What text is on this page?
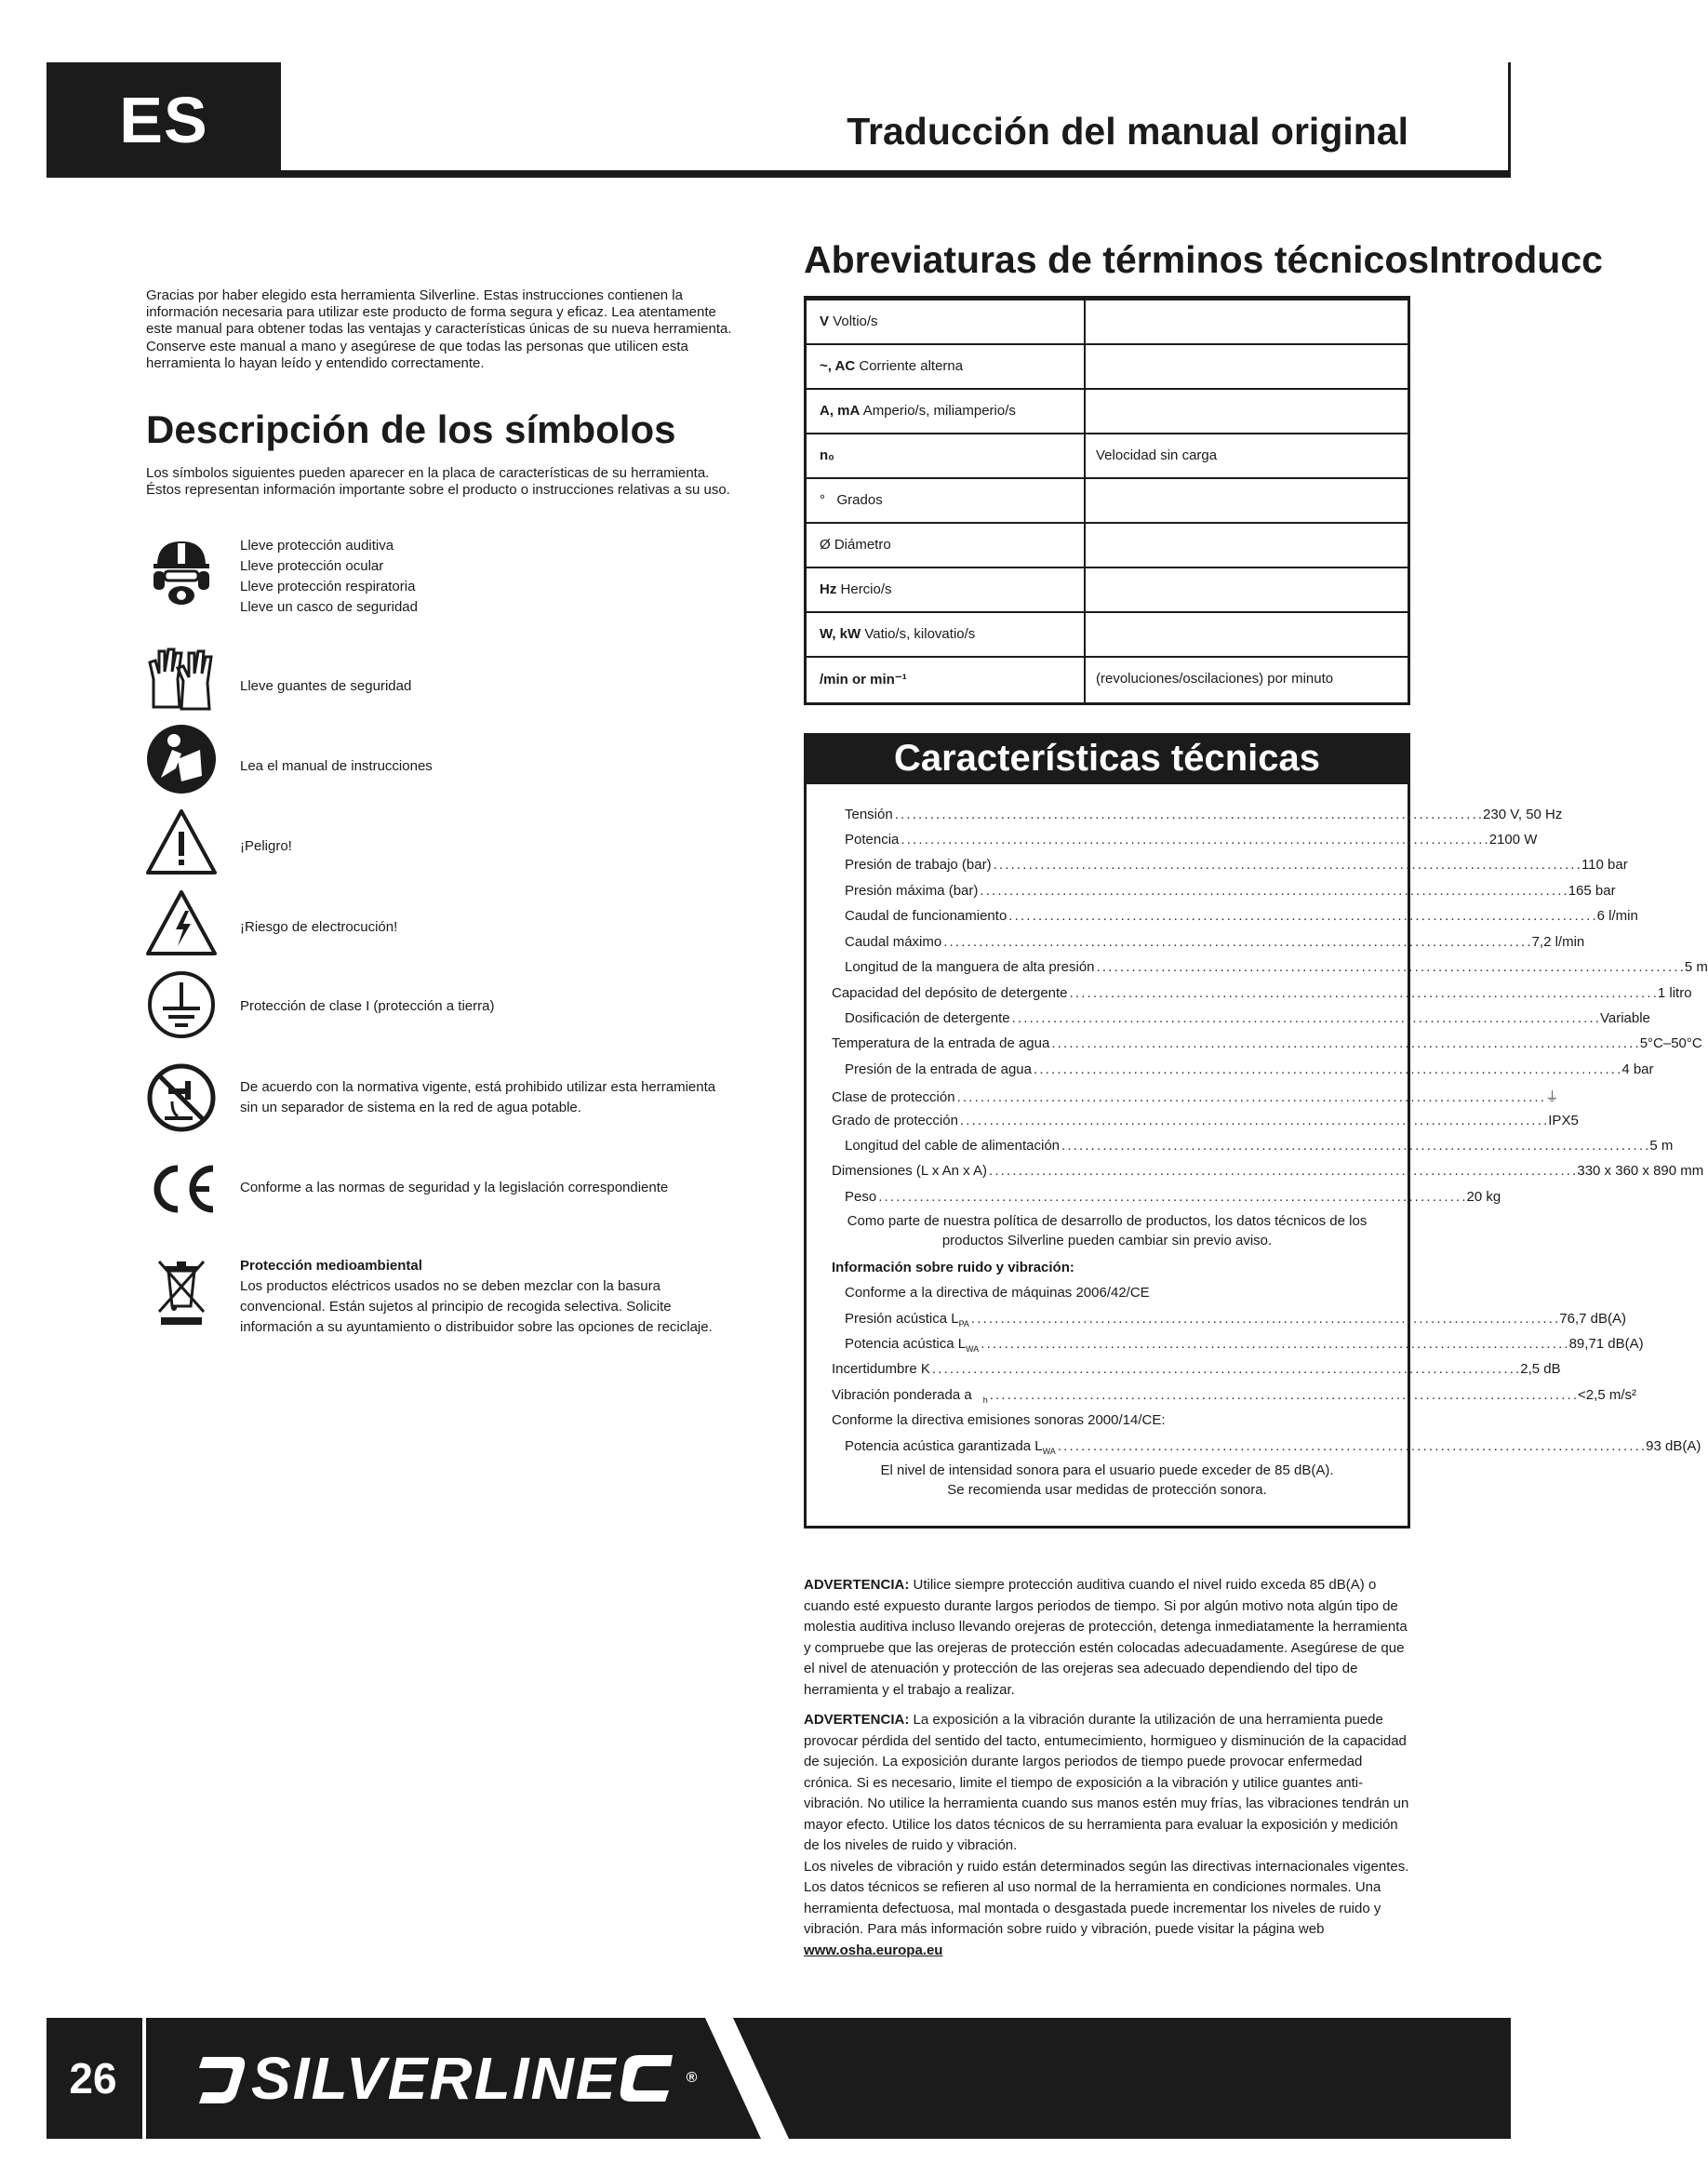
ES	Traducción del manual original
Gracias por haber elegido esta herramienta Silverline. Estas instrucciones contienen la información necesaria para utilizar este producto de forma segura y eficaz. Lea atentamente este manual para obtener todas las ventajas y características únicas de su nueva herramienta. Conserve este manual a mano y asegúrese de que todas las personas que utilicen esta herramienta lo hayan leído y entendido correctamente.
Descripción de los símbolos
Los símbolos siguientes pueden aparecer en la placa de características de su herramienta.
Éstos representan información importante sobre el producto o instrucciones relativas a su uso.
Lleve protección auditiva
Lleve protección ocular
Lleve protección respiratoria
Lleve un casco de seguridad
Lleve guantes de seguridad
Lea el manual de instrucciones
¡Peligro!
¡Riesgo de electrocución!
Protección de clase I (protección a tierra)
De acuerdo con la normativa vigente, está prohibido utilizar esta herramienta
sin un separador de sistema en la red de agua potable.
Conforme a las normas de seguridad y la legislación correspondiente
Protección medioambiental
Los productos eléctricos usados no se deben mezclar con la basura
convencional. Están sujetos al principio de recogida selectiva. Solicite
información a su ayuntamiento o distribuidor sobre las opciones de reciclaje.
Abreviaturas de términos técnicosIntroducc
V Voltio/s
~, AC Corriente alterna
A, mA Amperio/s, miliamperio/s
n₀	Velocidad sin carga
°   Grados
Ø Diámetro
Hz Hercio/s
W, kW Vatio/s, kilovatio/s
/min or min⁻¹	(revoluciones/oscilaciones) por minuto
Características técnicas
Tensión . . .	230 V, 50 Hz
Potencia . . .	2100 W
Presión de trabajo (bar) . . .	110 bar
Presión máxima (bar) . . .	165 bar
Caudal de funcionamiento . . .	6 l/min
Caudal máximo . . .	7,2 l/min
Longitud de la manguera de alta presión . . .	5 m
Capacidad del depósito de detergente . . .	1 litro
Dosificación de detergente . . .	Variable
Temperatura de la entrada de agua . . .	5°C–50°C
Presión de la entrada de agua . . .	4 bar
Clase de protección . . .	⏚
Grado de protección . . .	IPX5
Longitud del cable de alimentación . . .	5 m
Dimensiones (L x An x A) . . .	330 x 360 x 890 mm
Peso . . .	20 kg
Como parte de nuestra política de desarrollo de productos, los datos técnicos de los
productos Silverline pueden cambiar sin previo aviso.
Información sobre ruido y vibración:
Conforme a la directiva de máquinas 2006/42/CE
Presión acústica $L_{PA}$ . . .	76,7 dB(A)
Potencia acústica $L_{WA}$ . . .	89,71 dB(A)
Incertidumbre K . . .	2,5 dB
Vibración ponderada a $_h$ . . .	<2,5 m/s²
Conforme la directiva emisiones sonoras 2000/14/CE:
Potencia acústica garantizada $L_{WA}$ . . .	93 dB(A)
El nivel de intensidad sonora para el usuario puede exceder de 85 dB(A).
Se recomienda usar medidas de protección sonora.

ADVERTENCIA: Utilice siempre protección auditiva cuando el nivel ruido exceda 85 dB(A) o cuando esté expuesto durante largos periodos de tiempo. Si por algún motivo nota algún tipo de molestia auditiva incluso llevando orejeras de protección, detenga inmediatamente la herramienta y compruebe que las orejeras de protección estén colocadas adecuadamente. Asegúrese de que el nivel de atenuación y protección de las orejeras sea adecuado dependiendo del tipo de herramienta y el trabajo a realizar.

ADVERTENCIA: La exposición a la vibración durante la utilización de una herramienta puede provocar pérdida del sentido del tacto, entumecimiento, hormigueo y disminución de la capacidad de sujeción. La exposición durante largos periodos de tiempo puede provocar enfermedad crónica. Si es necesario, limite el tiempo de exposición a la vibración y utilice guantes anti-vibración. No utilice la herramienta cuando sus manos estén muy frías, las vibraciones tendrán un mayor efecto. Utilice los datos técnicos de su herramienta para evaluar la exposición y medición de los niveles de ruido y vibración.

Los niveles de vibración y ruido están determinados según las directivas internacionales vigentes. Los datos técnicos se refieren al uso normal de la herramienta en condiciones normales. Una herramienta defectuosa, mal montada o desgastada puede incrementar los niveles de ruido y vibración. Para más información sobre ruido y vibración, puede visitar la página web
www.osha.europa.eu

26	SILVERLINE	®
